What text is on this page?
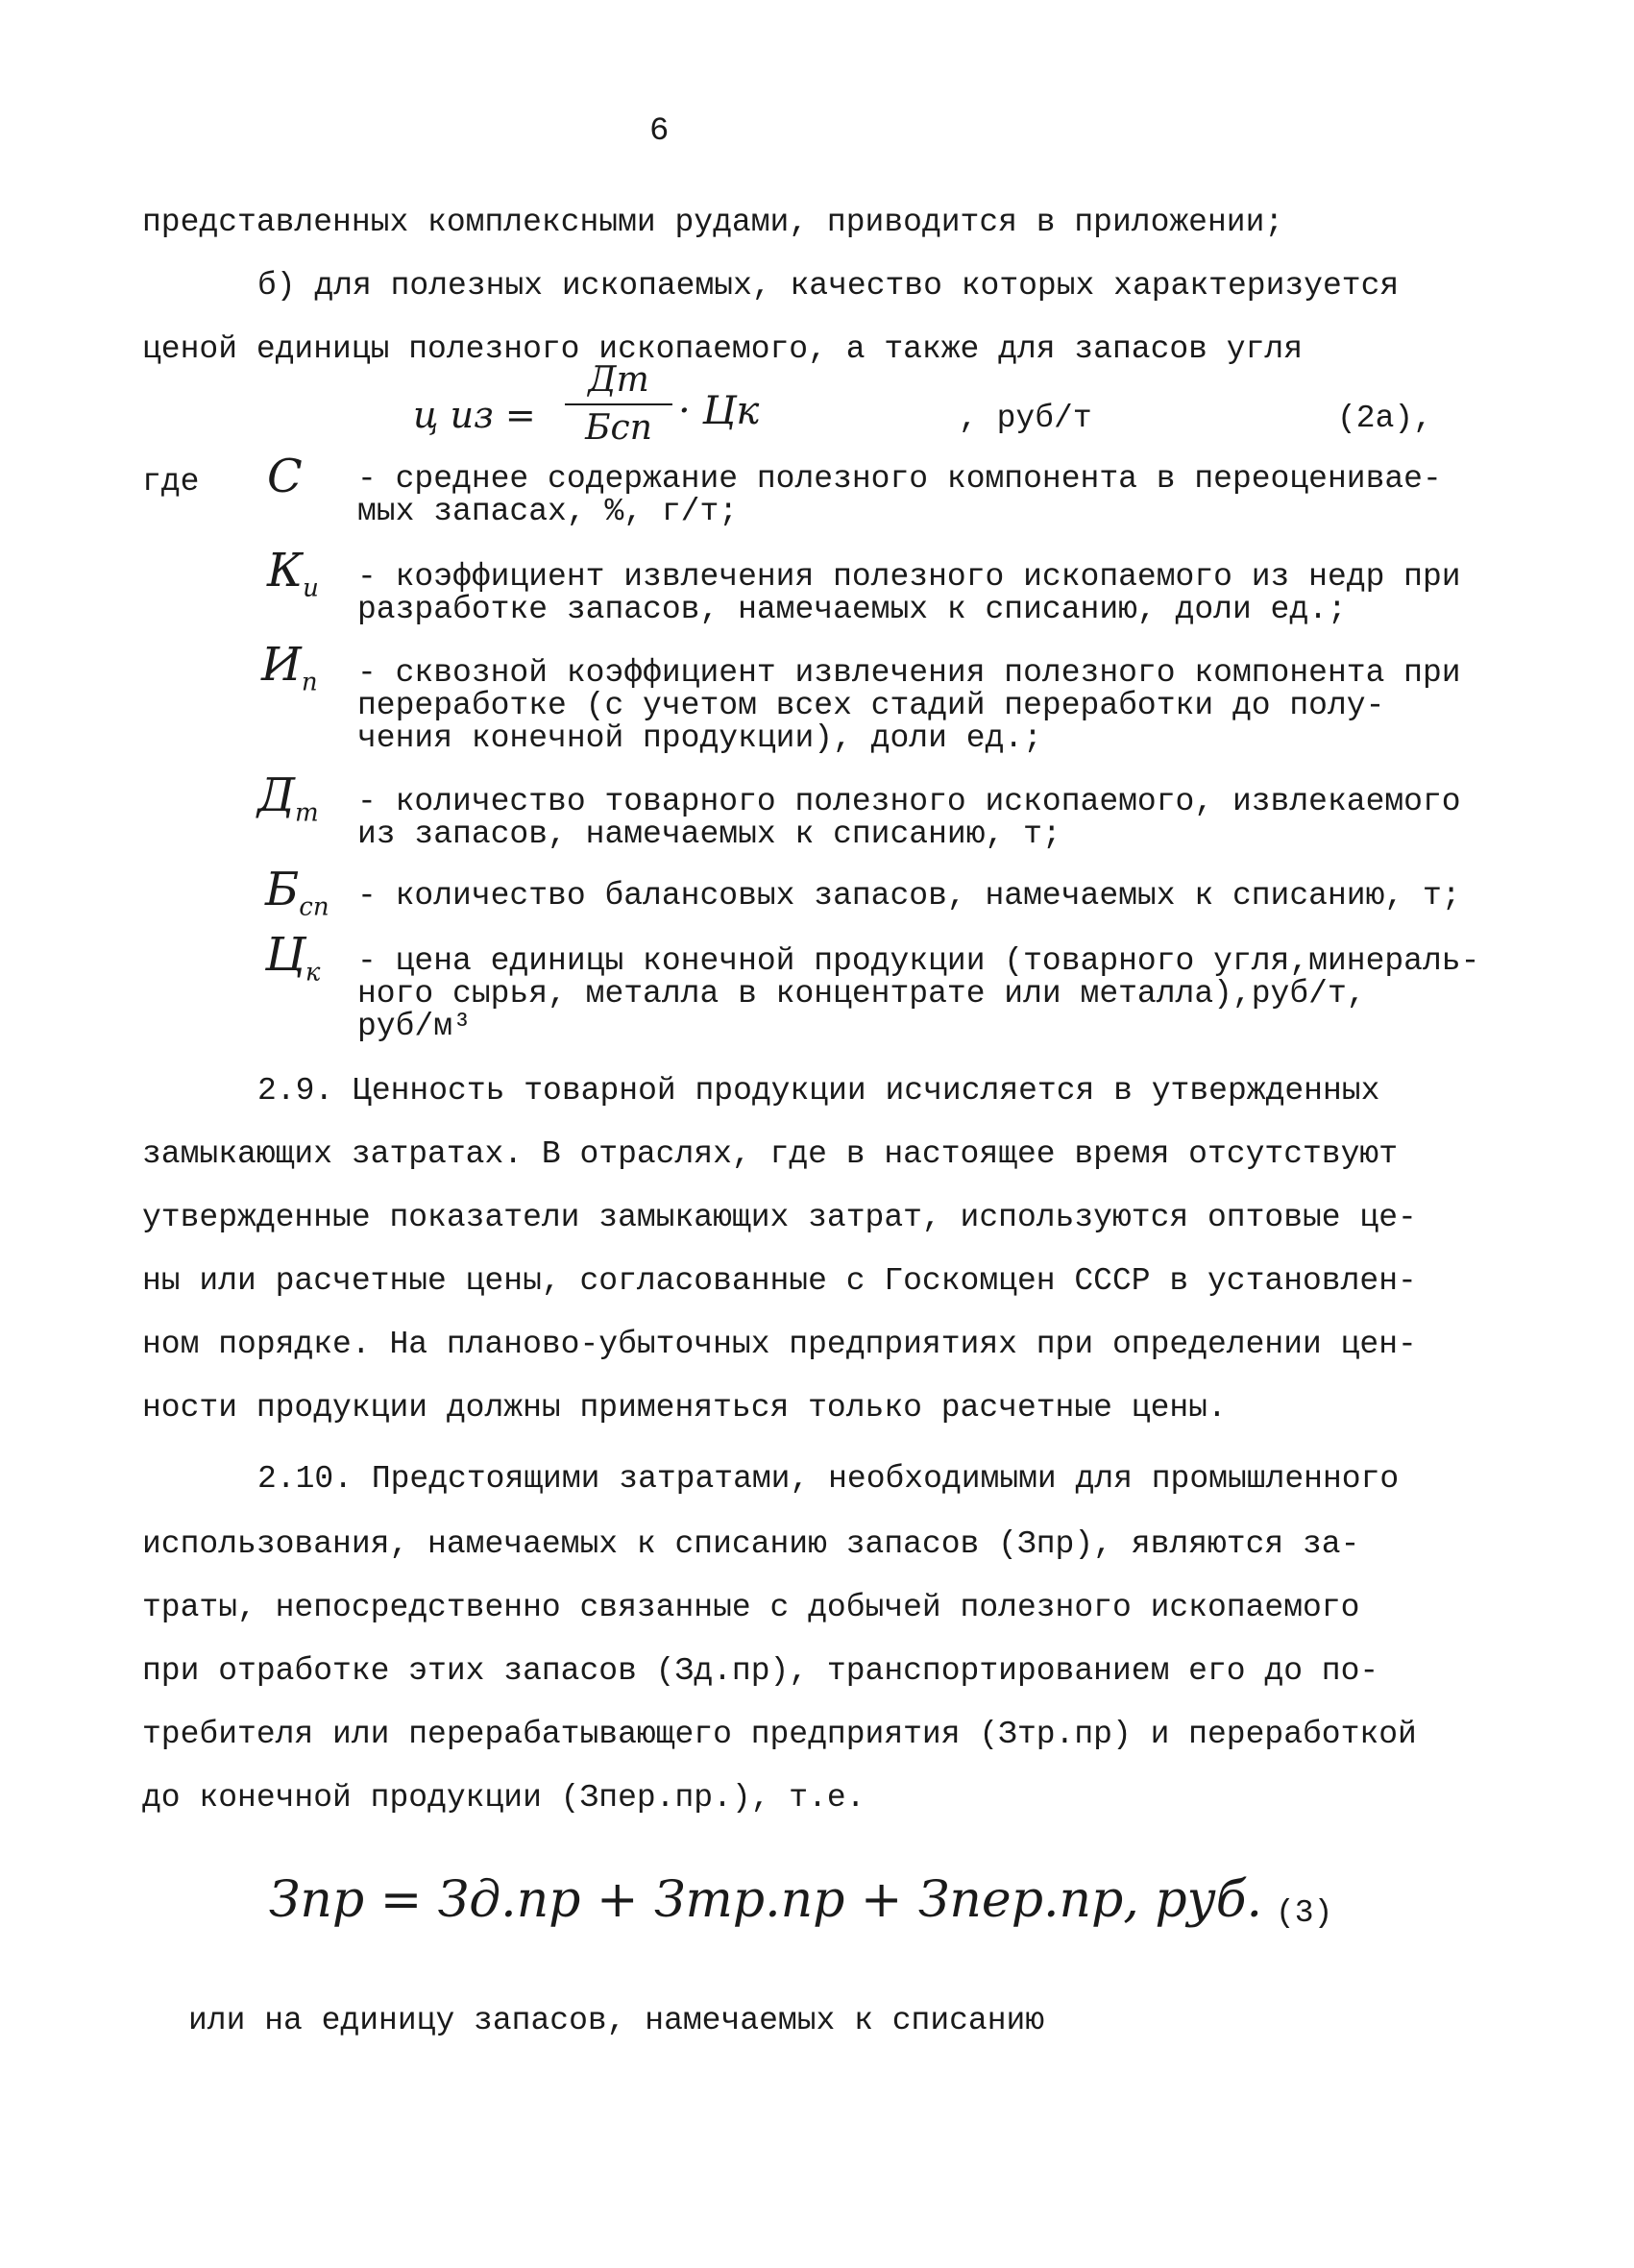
6
представленных комплексными рудами, приводится в приложении;
б) для полезных ископаемых, качество которых характеризуется
ценой единицы полезного ископаемого, а также для запасов угля
ц из =
Дт
Бсп · Цк	, руб/т	(2а),
где C - среднее содержание полезного компонента в переоценивае-
мых запасах, %, г/т;
$К_и$ - коэффициент извлечения полезного ископаемого из недр при
разработке запасов, намечаемых к списанию, доли ед.;
$И_п$ - сквозной коэффициент извлечения полезного компонента при
переработке (с учетом всех стадий переработки до полу-
чения конечной продукции), доли ед.;
$Д_т$ - количество товарного полезного ископаемого, извлекаемого
из запасов, намечаемых к списанию, т;
$Б_{сп}$ - количество балансовых запасов, намечаемых к списанию, т;
$Ц_к$ - цена единицы конечной продукции (товарного угля,минераль-
ного сырья, металла в концентрате или металла),руб/т,
руб/м³
2.9. Ценность товарной продукции исчисляется в утвержденных
замыкающих затратах. В отраслях, где в настоящее время отсутствуют
утвержденные показатели замыкающих затрат, используются оптовые це-
ны или расчетные цены, согласованные с Госкомцен СССР в установлен-
ном порядке. На планово-убыточных предприятиях при определении цен-
ности продукции должны применяться только расчетные цены.
2.10. Предстоящими затратами, необходимыми для промышленного
использования, намечаемых к списанию запасов (Зпр), являются за-
траты, непосредственно связанные с добычей полезного ископаемого
при отработке этих запасов (Зд.пр), транспортированием его до по-
требителя или перерабатывающего предприятия (Зтр.пр) и переработкой
до конечной продукции (Зпер.пр.), т.е.
Зпр = Зд.пр + Зтр.пр + Зпер.пр, руб. (3)
или на единицу запасов, намечаемых к списанию
